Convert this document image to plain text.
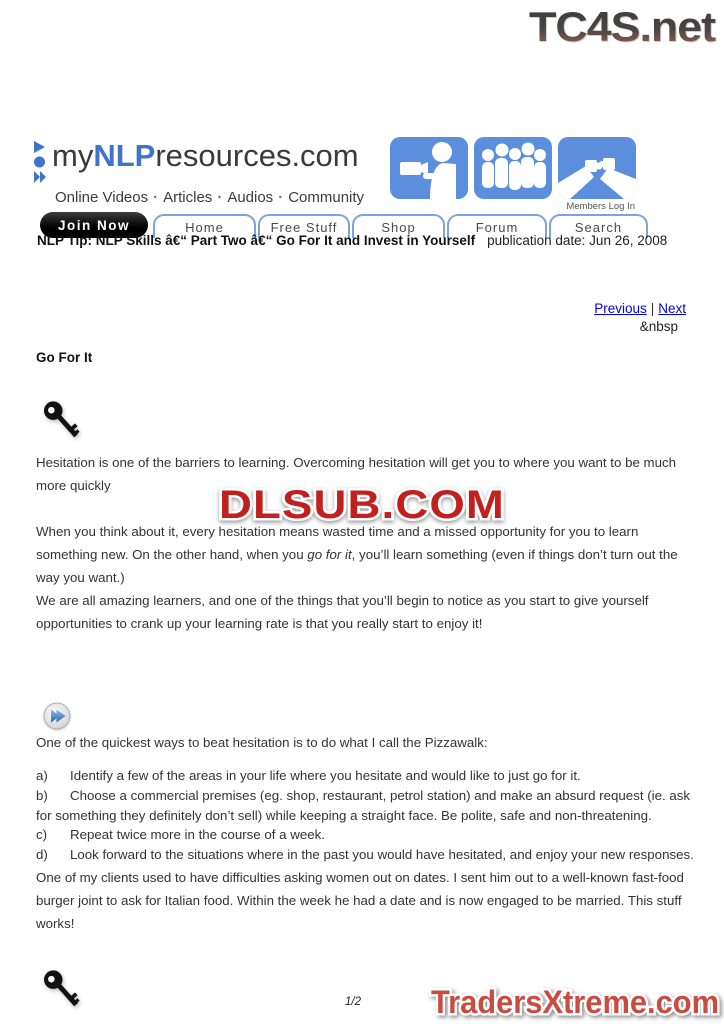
TC4S.net
myNLPresources.com
Online Videos · Articles · Audios · Community
Members Log In
Join Now	Home	Free Stuff	Shop	Forum	Search
NLP Tip: NLP Skills â€“ Part Two â€“ Go For It and Invest in Yourself publication date: Jun 26, 2008
Previous | Next
&nbsp
Go For It
Hesitation is one of the barriers to learning. Overcoming hesitation will get you to where you want to be much more quickly	DLSUB.COM
When you think about it, every hesitation means wasted time and a missed opportunity for you to learn something new. On the other hand, when you go for it, you’ll learn something (even if things don’t turn out the way you want.)
We are all amazing learners, and one of the things that you’ll begin to notice as you start to give yourself opportunities to crank up your learning rate is that you really start to enjoy it!
One of the quickest ways to beat hesitation is to do what I call the Pizzawalk:
a) Identify a few of the areas in your life where you hesitate and would like to just go for it.
b) Choose a commercial premises (eg. shop, restaurant, petrol station) and make an absurd request (ie. ask for something they definitely don’t sell) while keeping a straight face. Be polite, safe and non-threatening.
c) Repeat twice more in the course of a week.
d) Look forward to the situations where in the past you would have hesitated, and enjoy your new responses.
One of my clients used to have difficulties asking women out on dates. I sent him out to a well-known fast-food burger joint to ask for Italian food. Within the week he had a date and is now engaged to be married. This stuff works!
1/2 TradersXtreme.com
